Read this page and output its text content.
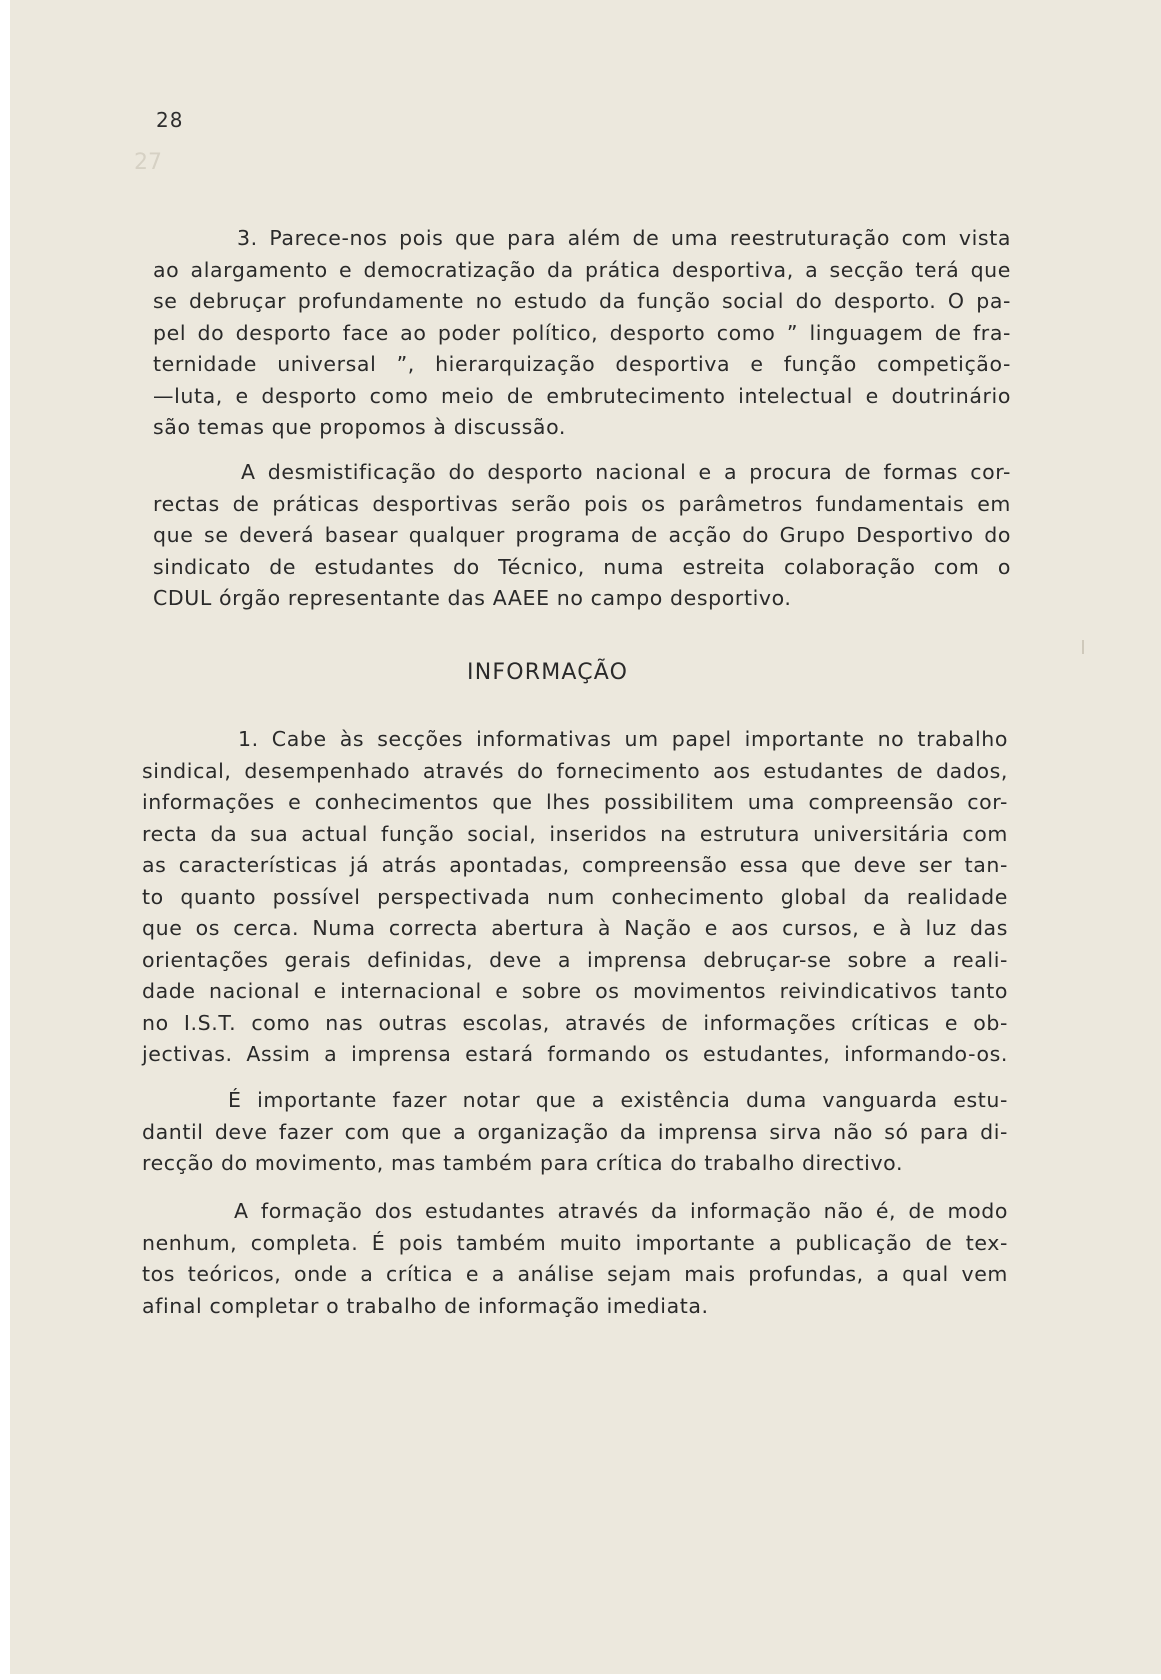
27
28
3. Parece-nos pois que para além de uma reestruturação com vista
ao alargamento e democratização da prática desportiva, a secção terá que
se debruçar profundamente no estudo da função social do desporto. O pa-
pel do desporto face ao poder político, desporto como ” linguagem de fra-
ternidade universal ”, hierarquização desportiva e função competição-
—luta, e desporto como meio de embrutecimento intelectual e doutrinário
são temas que propomos à discussão.
A desmistificação do desporto nacional e a procura de formas cor-
rectas de práticas desportivas serão pois os parâmetros fundamentais em
que se deverá basear qualquer programa de acção do Grupo Desportivo do
sindicato de estudantes do Técnico, numa estreita colaboração com o
CDUL órgão representante das AAEE no campo desportivo.
INFORMAÇÃO
1. Cabe às secções informativas um papel importante no trabalho
sindical, desempenhado através do fornecimento aos estudantes de dados,
informações e conhecimentos que lhes possibilitem uma compreensão cor-
recta da sua actual função social, inseridos na estrutura universitária com
as características já atrás apontadas, compreensão essa que deve ser tan-
to quanto possível perspectivada num conhecimento global da realidade
que os cerca. Numa correcta abertura à Nação e aos cursos, e à luz das
orientações gerais definidas, deve a imprensa debruçar-se sobre a reali-
dade nacional e internacional e sobre os movimentos reivindicativos tanto
no I.S.T. como nas outras escolas, através de informações críticas e ob-
jectivas. Assim a imprensa estará formando os estudantes, informando-os.
É importante fazer notar que a existência duma vanguarda estu-
dantil deve fazer com que a organização da imprensa sirva não só para di-
recção do movimento, mas também para crítica do trabalho directivo.
A formação dos estudantes através da informação não é, de modo
nenhum, completa. É pois também muito importante a publicação de tex-
tos teóricos, onde a crítica e a análise sejam mais profundas, a qual vem
afinal completar o trabalho de informação imediata.
